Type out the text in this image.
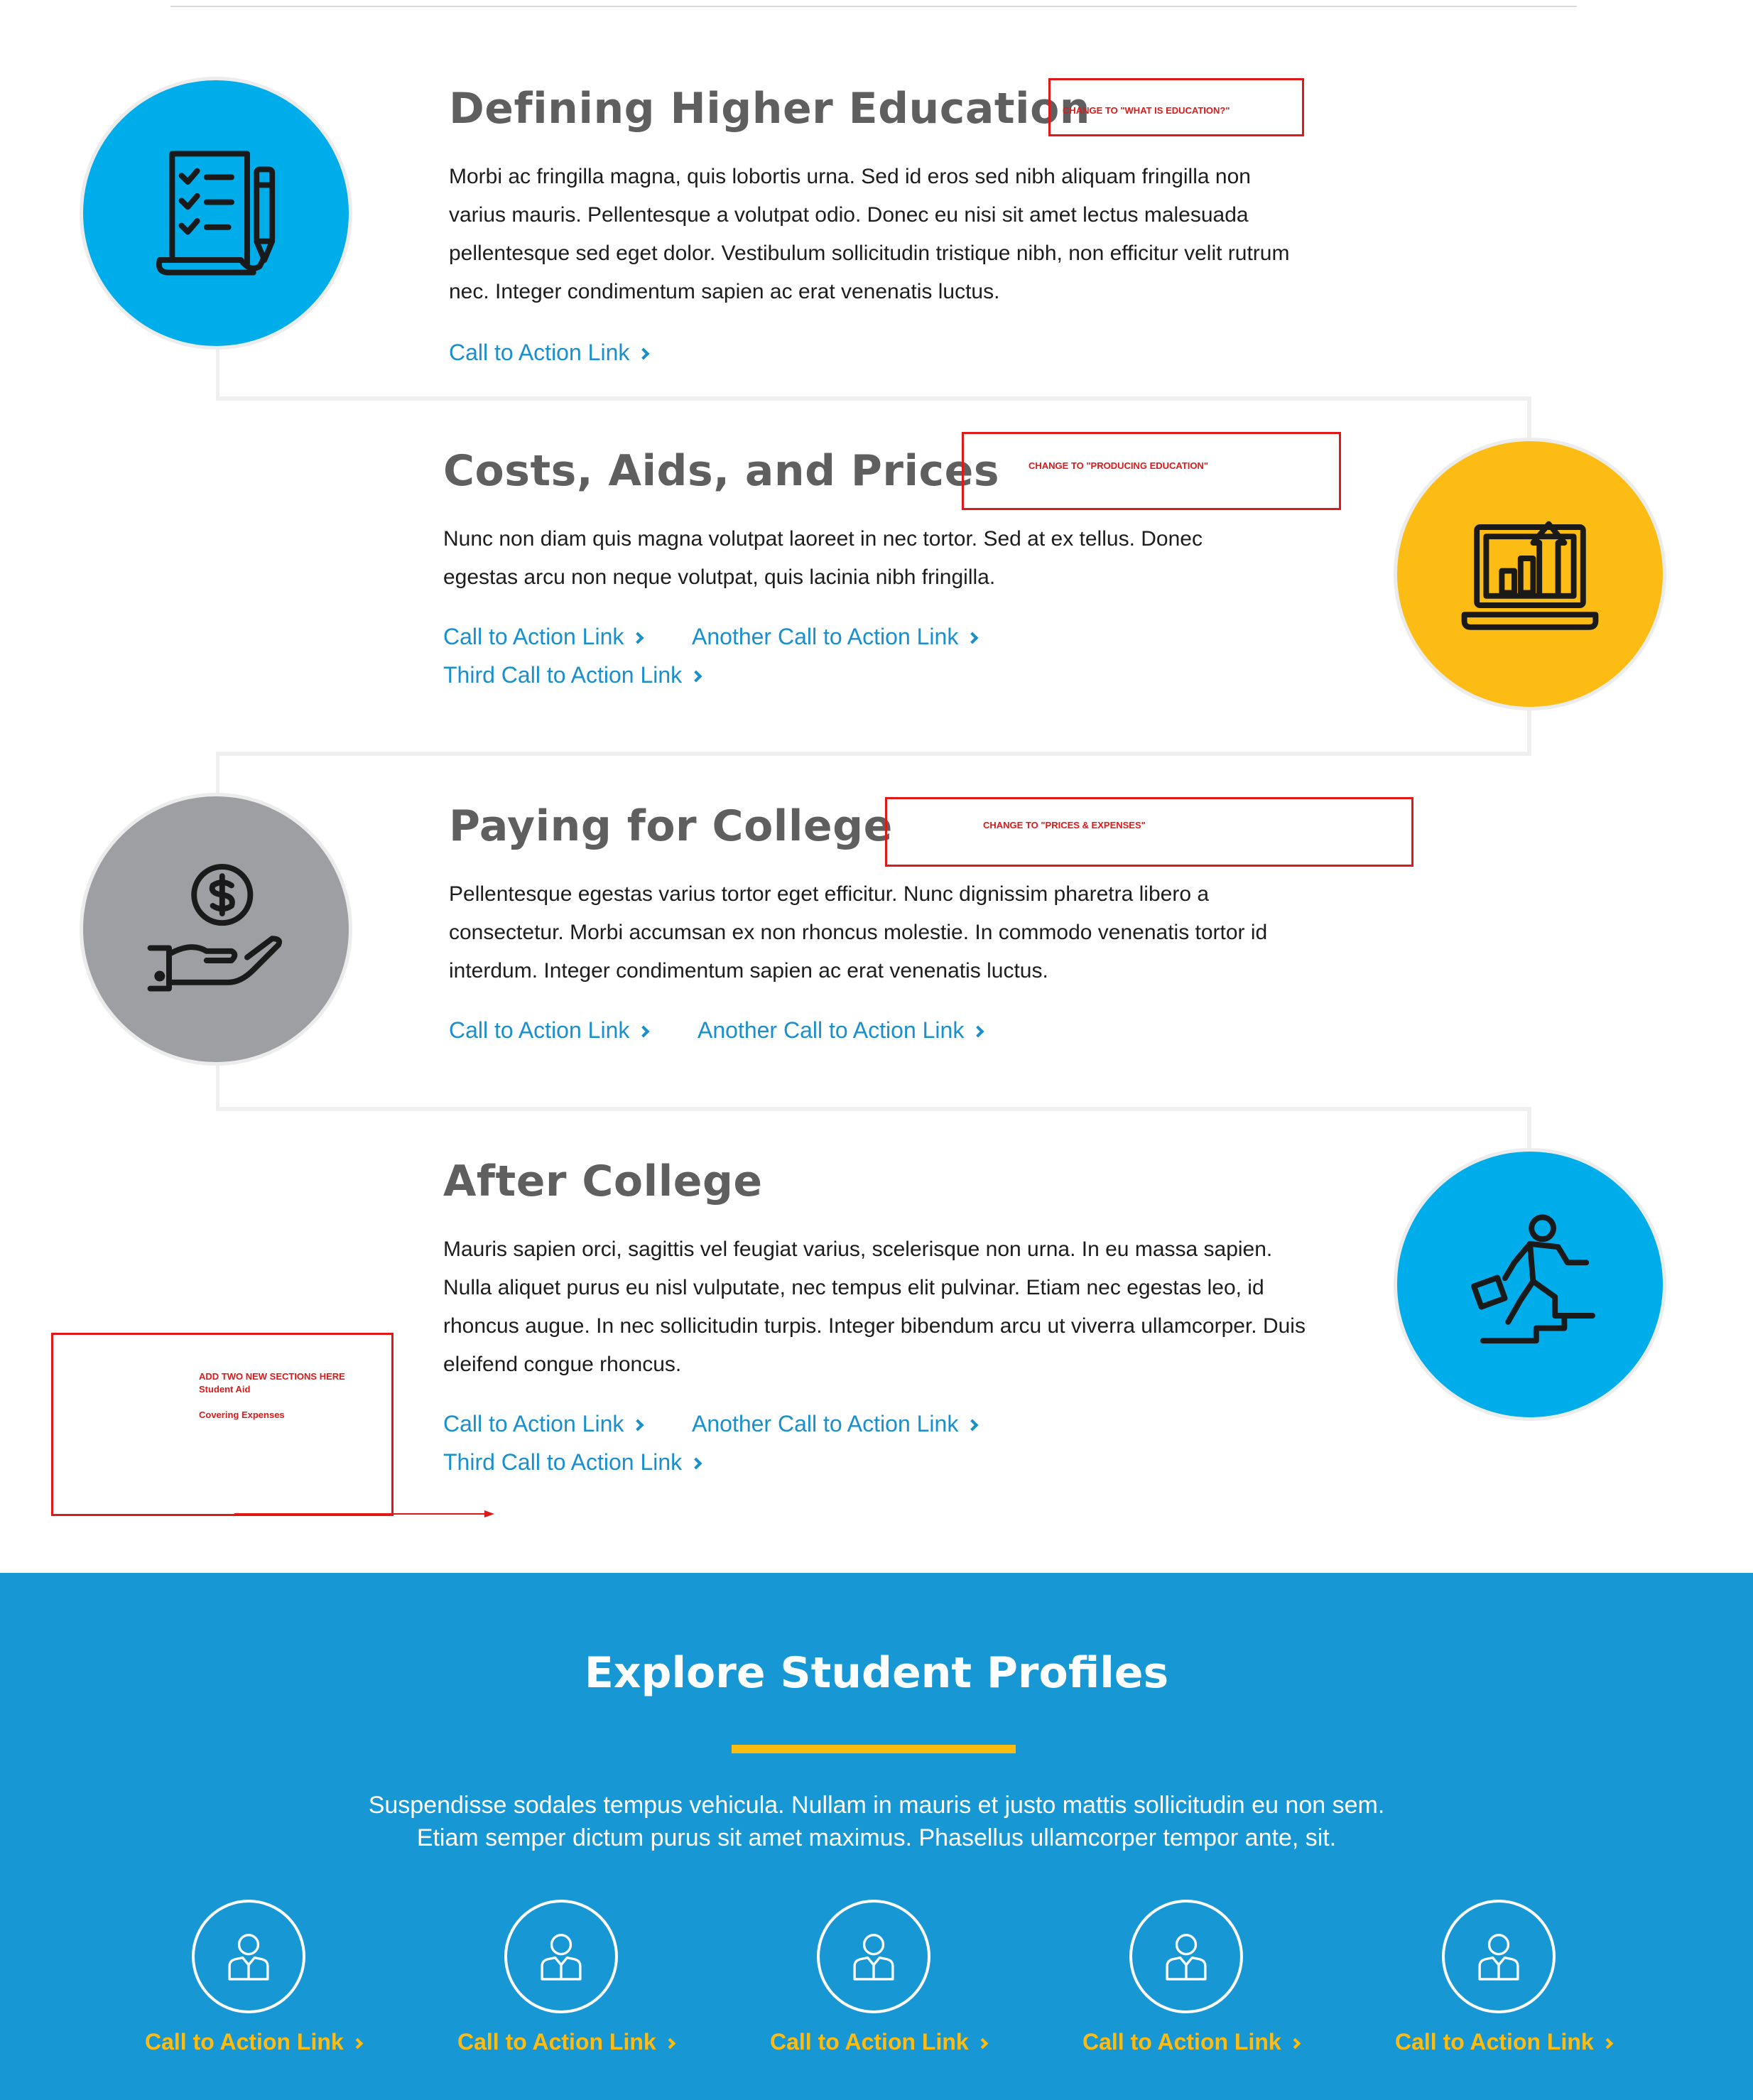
Defining Higher Education
CHANGE TO "WHAT IS EDUCATION?"
Morbi ac fringilla magna, quis lobortis urna. Sed id eros sed nibh aliquam fringilla non varius mauris. Pellentesque a volutpat odio. Donec eu nisi sit amet lectus malesuada pellentesque sed eget dolor. Vestibulum sollicitudin tristique nibh, non efficitur velit rutrum nec. Integer condimentum sapien ac erat venenatis luctus.
Call to Action Link
Costs, Aids, and Prices	CHANGE TO "PRODUCING EDUCATION"
Nunc non diam quis magna volutpat laoreet in nec tortor. Sed at ex tellus. Donec egestas arcu non neque volutpat, quis lacinia nibh fringilla.
Call to Action Link	Another Call to Action Link
Third Call to Action Link
Paying for College	CHANGE TO "PRICES & EXPENSES"
Pellentesque egestas varius tortor eget efficitur. Nunc dignissim pharetra libero a consectetur. Morbi accumsan ex non rhoncus molestie. In commodo venenatis tortor id interdum. Integer condimentum sapien ac erat venenatis luctus.
Call to Action Link	Another Call to Action Link
After College
Mauris sapien orci, sagittis vel feugiat varius, scelerisque non urna. In eu massa sapien. Nulla aliquet purus eu nisl vulputate, nec tempus elit pulvinar. Etiam nec egestas leo, id rhoncus augue. In nec sollicitudin turpis. Integer bibendum arcu ut viverra ullamcorper. Duis eleifend congue rhoncus.
Call to Action Link	Another Call to Action Link
Third Call to Action Link
ADD TWO NEW SECTIONS HERE
Student Aid
Covering Expenses
Explore Student Profiles
Suspendisse sodales tempus vehicula. Nullam in mauris et justo mattis sollicitudin eu non sem. Etiam semper dictum purus sit amet maximus. Phasellus ullamcorper tempor ante, sit.
Call to Action Link	Call to Action Link	Call to Action Link	Call to Action Link	Call to Action Link
